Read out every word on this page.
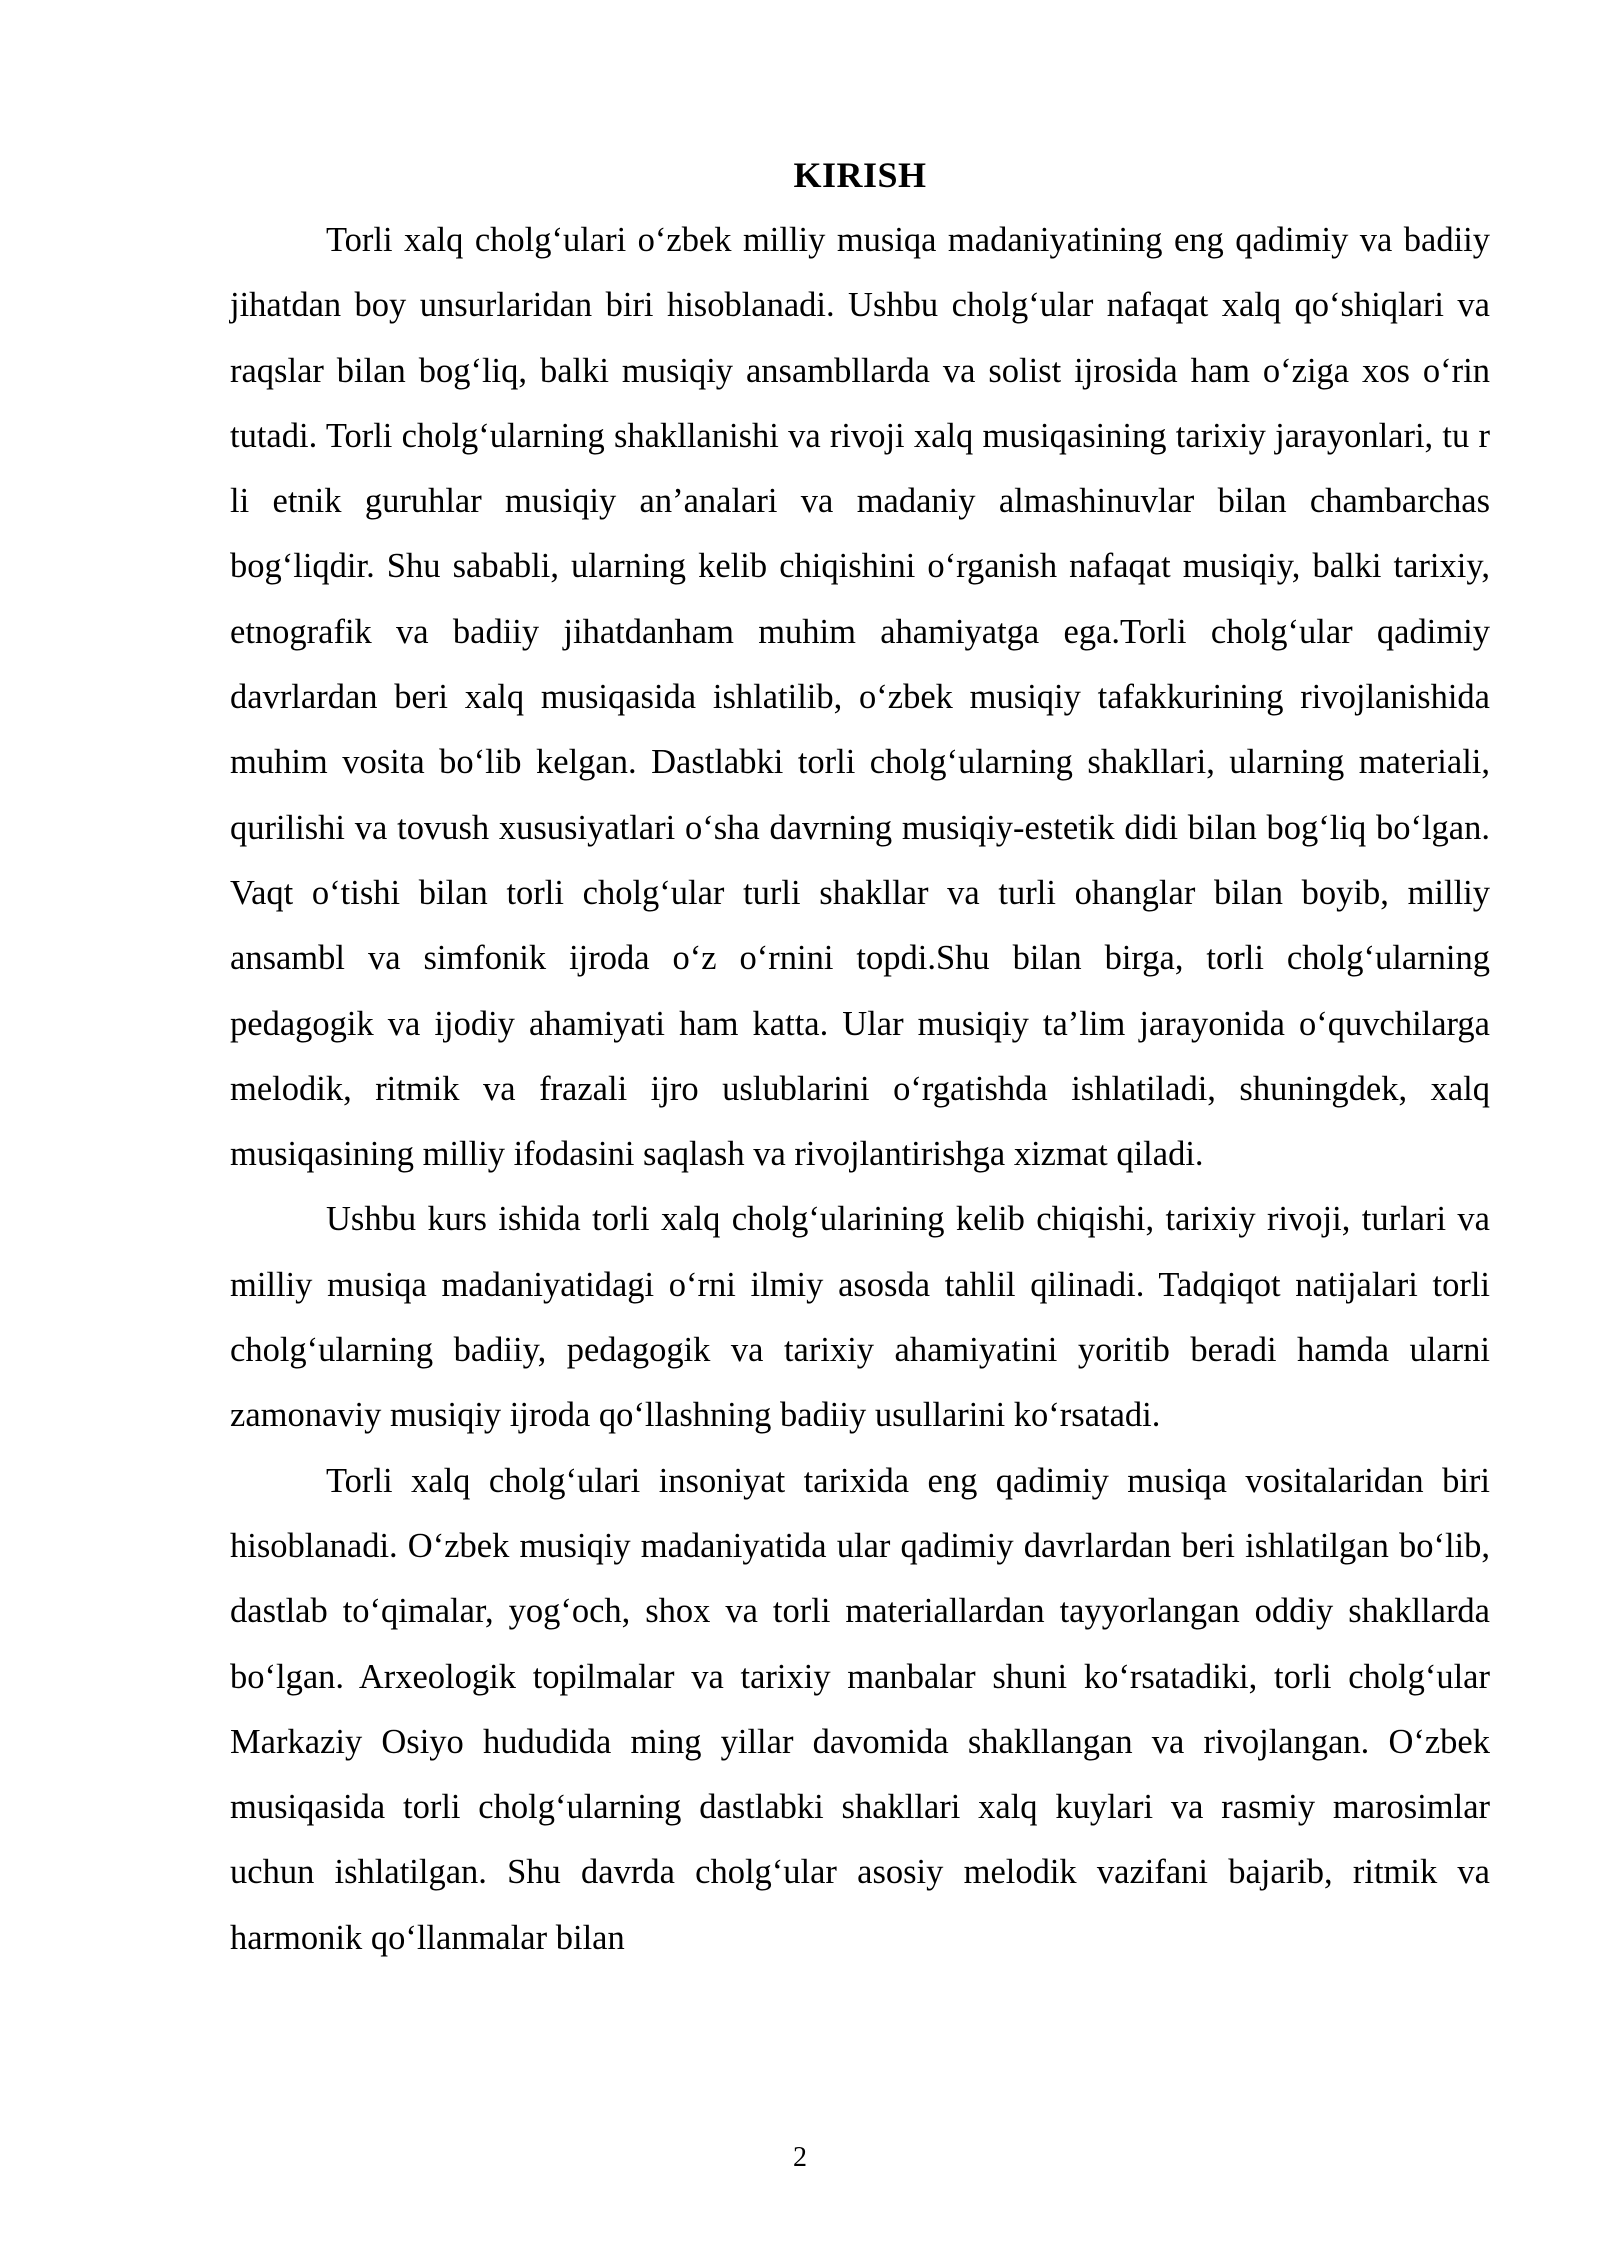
KIRISH

Torli xalq cholg‘ulari o‘zbek milliy musiqa madaniyatining eng qadimiy va badiiy jihatdan boy unsurlaridan biri hisoblanadi. Ushbu cholg‘ular nafaqat xalq qo‘shiqlari va raqslar bilan bog‘liq, balki musiqiy ansambllarda va solist ijrosida ham o‘ziga xos o‘rin tutadi. Torli cholg‘ularning shakllanishi va rivoji xalq musiqasining tarixiy jarayonlari, tu r li etnik guruhlar musiqiy an’analari va madaniy almashinuvlar bilan chambarchas bog‘liqdir. Shu sababli, ularning kelib chiqishini o‘rganish nafaqat musiqiy, balki tarixiy, etnografik va badiiy jihatdanham muhim ahamiyatga ega.Torli cholg‘ular qadimiy davrlardan beri xalq musiqasida ishlatilib, o‘zbek musiqiy tafakkurining rivojlanishida muhim vosita bo‘lib kelgan. Dastlabki torli cholg‘ularning shakllari, ularning materiali, qurilishi va tovush xususiyatlari o‘sha davrning musiqiy-estetik didi bilan bog‘liq bo‘lgan. Vaqt o‘tishi bilan torli cholg‘ular turli shakllar va turli ohanglar bilan boyib, milliy ansambl va simfonik ijroda o‘z o‘rnini topdi.Shu bilan birga, torli cholg‘ularning pedagogik va ijodiy ahamiyati ham katta. Ular musiqiy ta’lim jarayonida o‘quvchilarga melodik, ritmik va frazali ijro uslublarini o‘rgatishda ishlatiladi, shuningdek, xalq musiqasining milliy ifodasini saqlash va rivojlantirishga xizmat qiladi.

Ushbu kurs ishida torli xalq cholg‘ularining kelib chiqishi, tarixiy rivoji, turlari va milliy musiqa madaniyatidagi o‘rni ilmiy asosda tahlil qilinadi. Tadqiqot natijalari torli cholg‘ularning badiiy, pedagogik va tarixiy ahamiyatini yoritib beradi hamda ularni zamonaviy musiqiy ijroda qo‘llashning badiiy usullarini ko‘rsatadi.

Torli xalq cholg‘ulari insoniyat tarixida eng qadimiy musiqa vositalaridan biri hisoblanadi. O‘zbek musiqiy madaniyatida ular qadimiy davrlardan beri ishlatilgan bo‘lib, dastlab to‘qimalar, yog‘och, shox va torli materiallardan tayyorlangan oddiy shakllarda bo‘lgan. Arxeologik topilmalar va tarixiy manbalar shuni ko‘rsatadiki, torli cholg‘ular Markaziy Osiyo hududida ming yillar davomida shakllangan va rivojlangan. O‘zbek musiqasida torli cholg‘ularning dastlabki shakllari xalq kuylari va rasmiy marosimlar uchun ishlatilgan. Shu davrda cholg‘ular asosiy melodik vazifani bajarib, ritmik va harmonik qo‘llanmalar bilan

2
